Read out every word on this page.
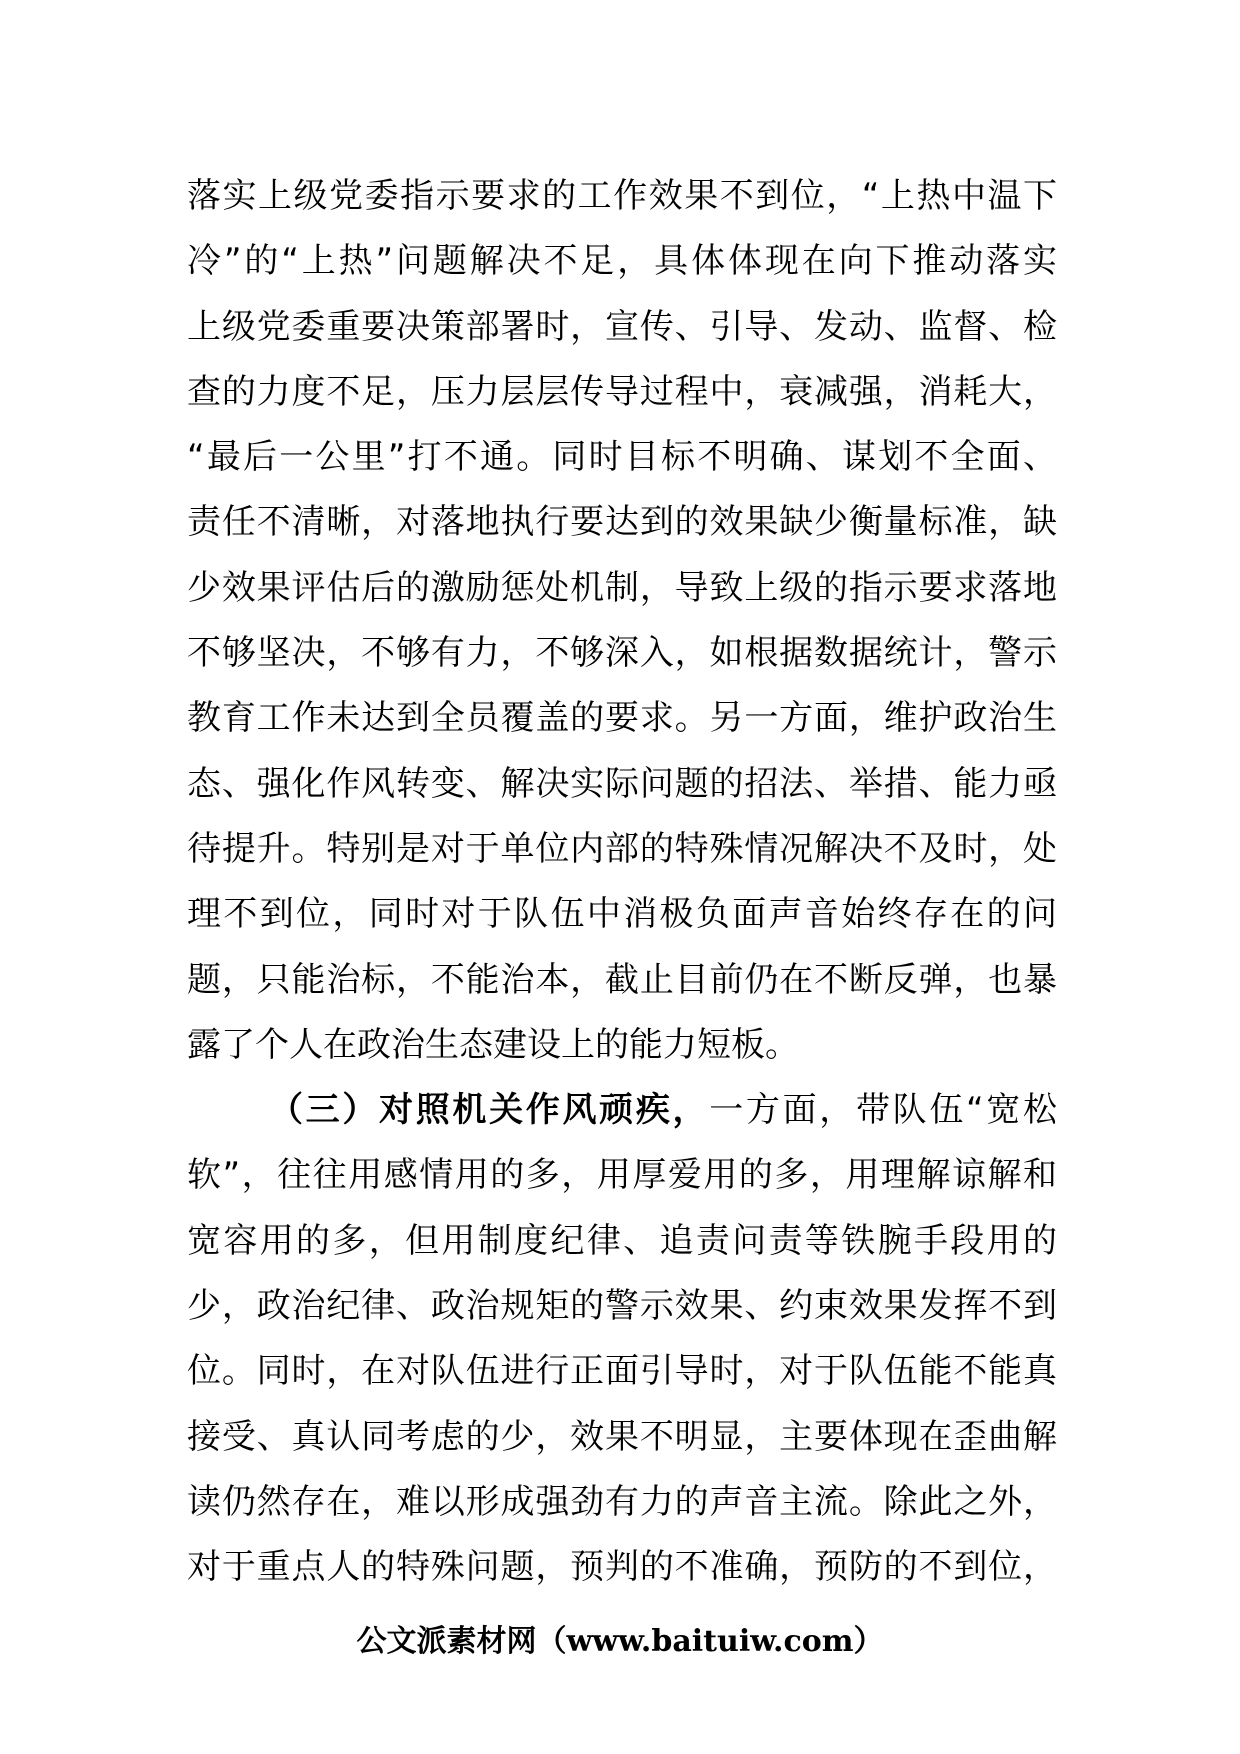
落实上级党委指示要求的工作效果不到位，“上热中温下
冷”的“上热”问题解决不足，具体体现在向下推动落实
上级党委重要决策部署时，宣传、引导、发动、监督、检
查的力度不足，压力层层传导过程中，衰减强，消耗大，
“最后一公里”打不通。同时目标不明确、谋划不全面、
责任不清晰，对落地执行要达到的效果缺少衡量标准，缺
少效果评估后的激励惩处机制，导致上级的指示要求落地
不够坚决，不够有力，不够深入，如根据数据统计，警示
教育工作未达到全员覆盖的要求。另一方面，维护政治生
态、强化作风转变、解决实际问题的招法、举措、能力亟
待提升。特别是对于单位内部的特殊情况解决不及时，处
理不到位，同时对于队伍中消极负面声音始终存在的问
题，只能治标，不能治本，截止目前仍在不断反弹，也暴
露了个人在政治生态建设上的能力短板。
（三）对照机关作风顽疾，一方面，带队伍“宽松
软”，往往用感情用的多，用厚爱用的多，用理解谅解和
宽容用的多，但用制度纪律、追责问责等铁腕手段用的
少，政治纪律、政治规矩的警示效果、约束效果发挥不到
位。同时，在对队伍进行正面引导时，对于队伍能不能真
接受、真认同考虑的少，效果不明显，主要体现在歪曲解
读仍然存在，难以形成强劲有力的声音主流。除此之外，
对于重点人的特殊问题，预判的不准确，预防的不到位，
公文派素材网（www.baituiw.com）
